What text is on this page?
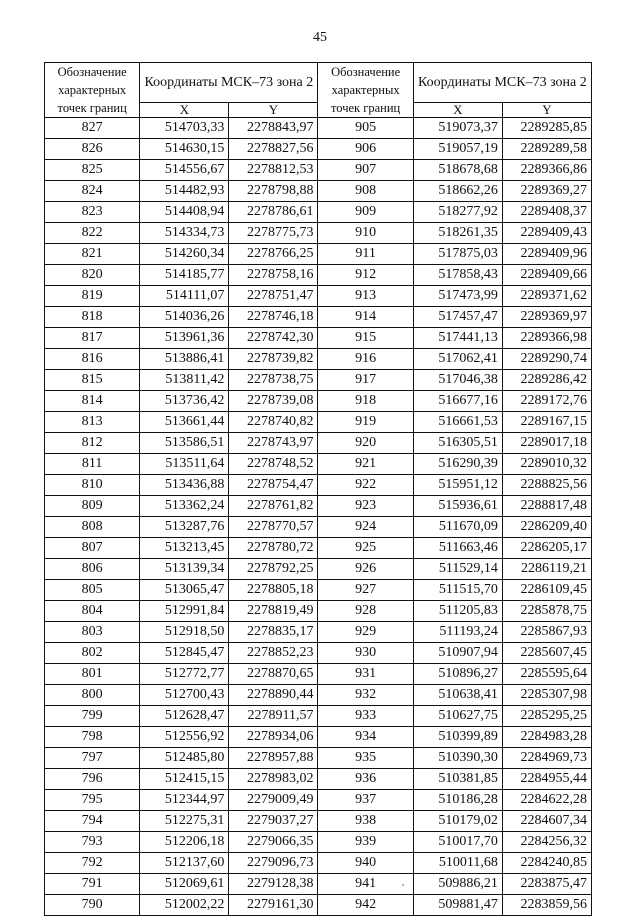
45
Обозначение характерных точек границ	Координаты МСК–73 зона 2		Обозначение характерных точек границ	Координаты МСК–73 зона 2	
	X	Y		X	Y
827	514703,33	2278843,97	905	519073,37	2289285,85
826	514630,15	2278827,56	906	519057,19	2289289,58
825	514556,67	2278812,53	907	518678,68	2289366,86
824	514482,93	2278798,88	908	518662,26	2289369,27
823	514408,94	2278786,61	909	518277,92	2289408,37
822	514334,73	2278775,73	910	518261,35	2289409,43
821	514260,34	2278766,25	911	517875,03	2289409,96
820	514185,77	2278758,16	912	517858,43	2289409,66
819	514111,07	2278751,47	913	517473,99	2289371,62
818	514036,26	2278746,18	914	517457,47	2289369,97
817	513961,36	2278742,30	915	517441,13	2289366,98
816	513886,41	2278739,82	916	517062,41	2289290,74
815	513811,42	2278738,75	917	517046,38	2289286,42
814	513736,42	2278739,08	918	516677,16	2289172,76
813	513661,44	2278740,82	919	516661,53	2289167,15
812	513586,51	2278743,97	920	516305,51	2289017,18
811	513511,64	2278748,52	921	516290,39	2289010,32
810	513436,88	2278754,47	922	515951,12	2288825,56
809	513362,24	2278761,82	923	515936,61	2288817,48
808	513287,76	2278770,57	924	511670,09	2286209,40
807	513213,45	2278780,72	925	511663,46	2286205,17
806	513139,34	2278792,25	926	511529,14	2286119,21
805	513065,47	2278805,18	927	511515,70	2286109,45
804	512991,84	2278819,49	928	511205,83	2285878,75
803	512918,50	2278835,17	929	511193,24	2285867,93
802	512845,47	2278852,23	930	510907,94	2285607,45
801	512772,77	2278870,65	931	510896,27	2285595,64
800	512700,43	2278890,44	932	510638,41	2285307,98
799	512628,47	2278911,57	933	510627,75	2285295,25
798	512556,92	2278934,06	934	510399,89	2284983,28
797	512485,80	2278957,88	935	510390,30	2284969,73
796	512415,15	2278983,02	936	510381,85	2284955,44
795	512344,97	2279009,49	937	510186,28	2284622,28
794	512275,31	2279037,27	938	510179,02	2284607,34
793	512206,18	2279066,35	939	510017,70	2284256,32
792	512137,60	2279096,73	940	510011,68	2284240,85
791	512069,61	2279128,38	941	509886,21	2283875,47
790	512002,22	2279161,30	942	509881,47	2283859,56
